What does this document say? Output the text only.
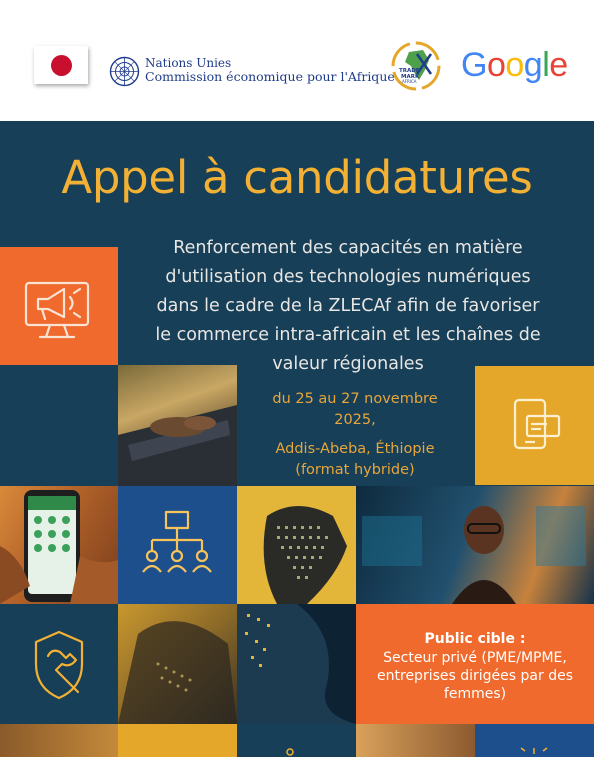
Nations Unies
Commission économique pour l'Afrique TRADE
MARK
AFRICA Google
Appel à candidatures
Renforcement des capacités en matière
d'utilisation des technologies numériques
dans le cadre de la ZLECAf afin de favoriser
le commerce intra-africain et les chaînes de
valeur régionales
du 25 au 27 novembre 2025,
Addis-Abeba, Éthiopie
(format hybride)
Public cible :
Secteur privé (PME/MPME,
entreprises dirigées par des
femmes)
